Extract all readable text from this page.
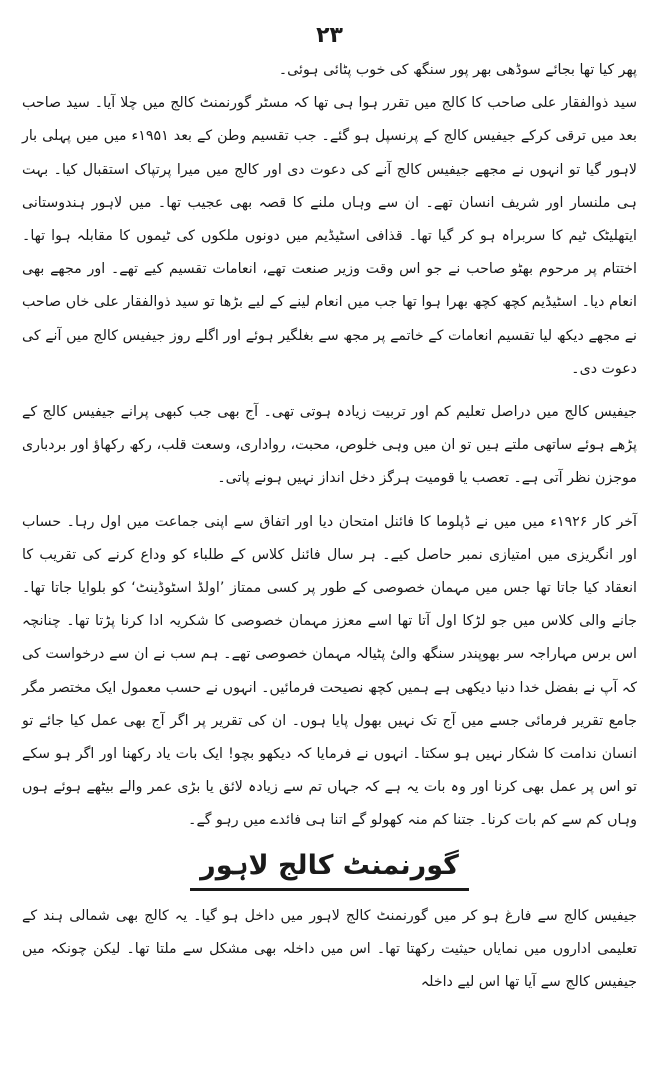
۲۳

پھر کیا تھا بجائے سوڈھی بھر پور سنگھ کی خوب پٹائی ہوئی۔

سید ذوالفقار علی صاحب کا کالج میں تقرر ہوا ہی تھا کہ مسٹر گورنمنٹ کالج میں چلا آیا۔ سید صاحب بعد میں ترقی کرکے جیفیس کالج کے پرنسپل ہو گئے۔ جب تقسیم وطن کے بعد ۱۹۵۱ء میں میں پہلی بار لاہور گیا تو انہوں نے مجھے جیفیس کالج آنے کی دعوت دی اور کالج میں میرا پرتپاک استقبال کیا۔ بہت ہی ملنسار اور شریف انسان تھے۔ ان سے وہاں ملنے کا قصہ بھی عجیب تھا۔ میں لاہور ہندوستانی ایتھلیٹک ٹیم کا سربراہ ہو کر گیا تھا۔ قذافی اسٹیڈیم میں دونوں ملکوں کی ٹیموں کا مقابلہ ہوا تھا۔ اختتام پر مرحوم بھٹو صاحب نے جو اس وقت وزیر صنعت تھے، انعامات تقسیم کیے تھے۔ اور مجھے بھی انعام دیا۔ اسٹیڈیم کچھ کچھ بھرا ہوا تھا جب میں انعام لینے کے لیے بڑھا تو سید ذوالفقار علی خاں صاحب نے مجھے دیکھ لیا تقسیم انعامات کے خاتمے پر مجھ سے بغلگیر ہوئے اور اگلے روز جیفیس کالج میں آنے کی دعوت دی۔

جیفیس کالج میں دراصل تعلیم کم اور تربیت زیادہ ہوتی تھی۔ آج بھی جب کبھی پرانے جیفیس کالج کے پڑھے ہوئے ساتھی ملتے ہیں تو ان میں وہی خلوص، محبت، رواداری، وسعت قلب، رکھ رکھاؤ اور بردباری موجزن نظر آتی ہے۔ تعصب یا قومیت ہرگز دخل انداز نہیں ہونے پاتی۔

آخر کار ۱۹۲۶ء میں میں نے ڈپلوما کا فائنل امتحان دیا اور اتفاق سے اپنی جماعت میں اول رہا۔ حساب اور انگریزی میں امتیازی نمبر حاصل کیے۔ ہر سال فائنل کلاس کے طلباء کو وداع کرنے کی تقریب کا انعقاد کیا جاتا تھا جس میں مہمان خصوصی کے طور پر کسی ممتاز ’اولڈ اسٹوڈینٹ‘ کو بلوایا جاتا تھا۔ جانے والی کلاس میں جو لڑکا اول آتا تھا اسے معزز مہمان خصوصی کا شکریہ ادا کرنا پڑتا تھا۔ چنانچہ اس برس مہاراجہ سر بھوپندر سنگھ والیٔ پٹیالہ مہمان خصوصی تھے۔ ہم سب نے ان سے درخواست کی کہ آپ نے بفضل خدا دنیا دیکھی ہے ہمیں کچھ نصیحت فرمائیں۔ انہوں نے حسب معمول ایک مختصر مگر جامع تقریر فرمائی جسے میں آج تک نہیں بھول پایا ہوں۔ ان کی تقریر پر اگر آج بھی عمل کیا جائے تو انسان ندامت کا شکار نہیں ہو سکتا۔ انہوں نے فرمایا کہ دیکھو بچو! ایک بات یاد رکھنا اور اگر ہو سکے تو اس پر عمل بھی کرنا اور وہ بات یہ ہے کہ جہاں تم سے زیادہ لائق یا بڑی عمر والے بیٹھے ہوئے ہوں وہاں کم سے کم بات کرنا۔ جتنا کم منہ کھولو گے اتنا ہی فائدے میں رہو گے۔

گورنمنٹ کالج لاہور

جیفیس کالج سے فارغ ہو کر میں گورنمنٹ کالج لاہور میں داخل ہو گیا۔ یہ کالج بھی شمالی ہند کے تعلیمی اداروں میں نمایاں حیثیت رکھتا تھا۔ اس میں داخلہ بھی مشکل سے ملتا تھا۔ لیکن چونکہ میں جیفیس کالج سے آیا تھا اس لیے داخلہ
